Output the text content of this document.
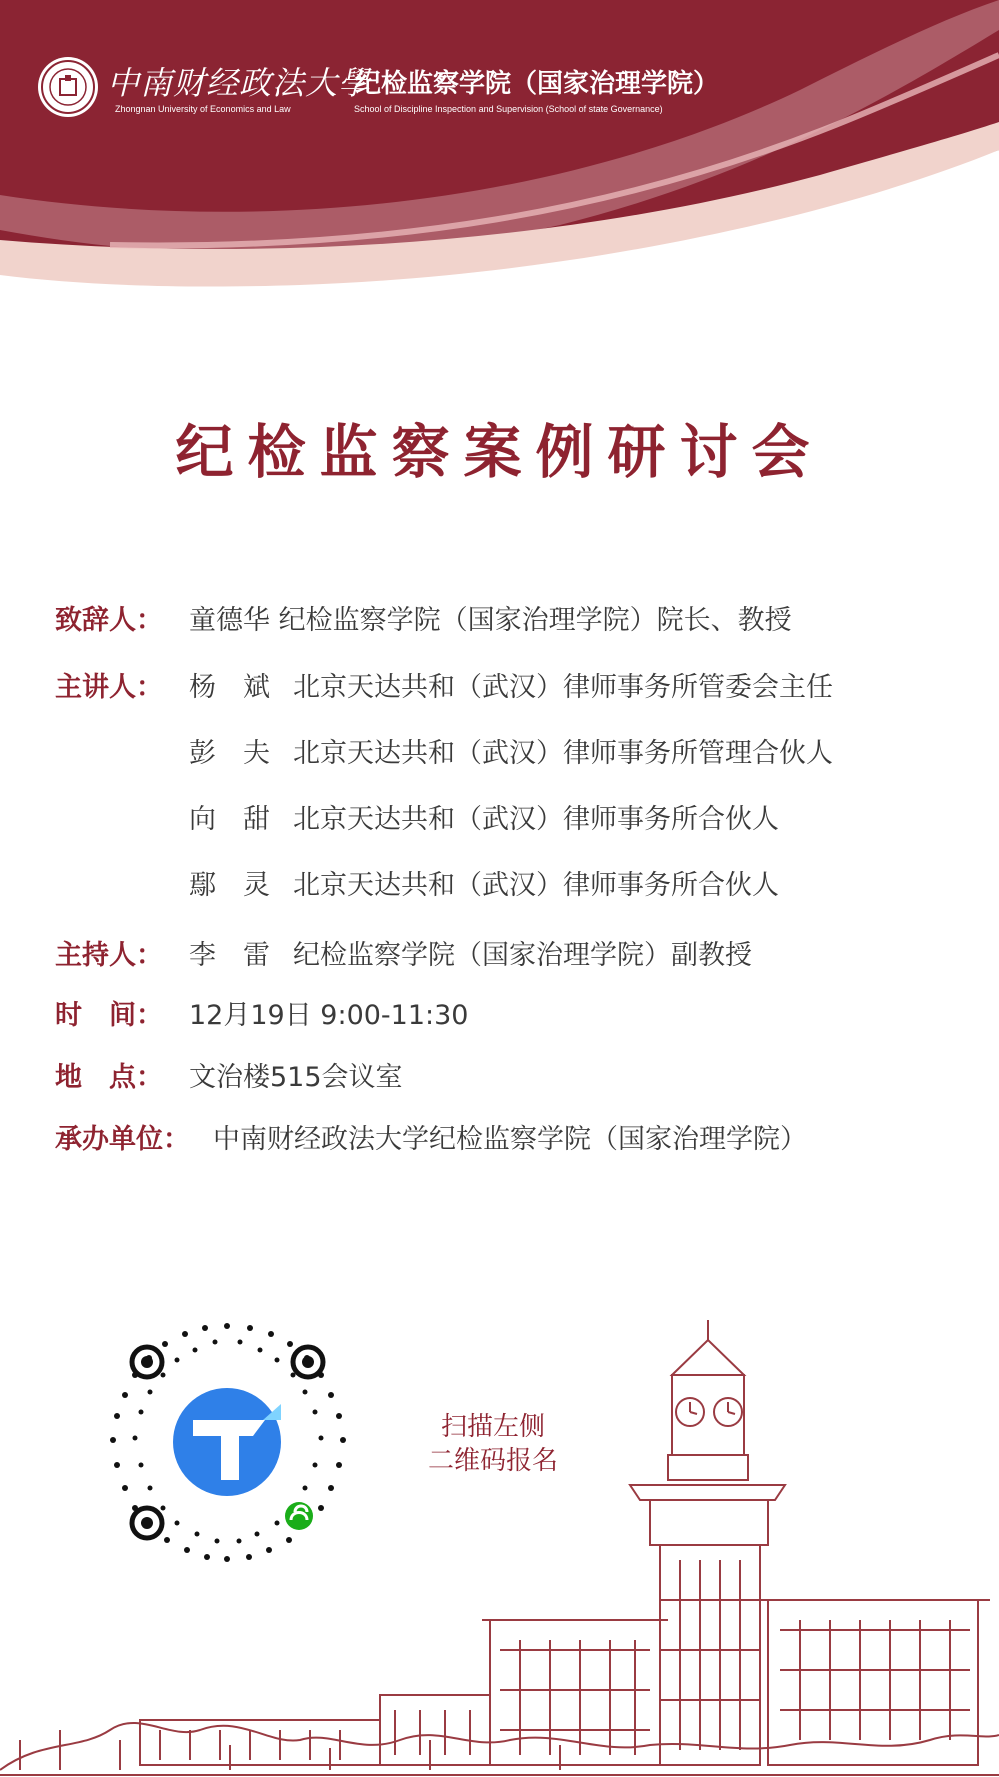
中南财经政法大學
Zhongnan University of Economics and Law
纪检监察学院（国家治理学院）
School of Discipline Inspection and Supervision (School of state Governance)
纪检监察案例研讨会
致辞人： 童德华 纪检监察学院（国家治理学院）院长、教授
主讲人： 杨　斌 北京天达共和（武汉）律师事务所管委会主任
彭　夫 北京天达共和（武汉）律师事务所管理合伙人
向　甜 北京天达共和（武汉）律师事务所合伙人
鄢　灵 北京天达共和（武汉）律师事务所合伙人
主持人： 李　雷 纪检监察学院（国家治理学院）副教授
时　间： 12月19日 9:00-11:30
地　点： 文治楼515会议室
承办单位： 中南财经政法大学纪检监察学院（国家治理学院）
扫描左侧
二维码报名
